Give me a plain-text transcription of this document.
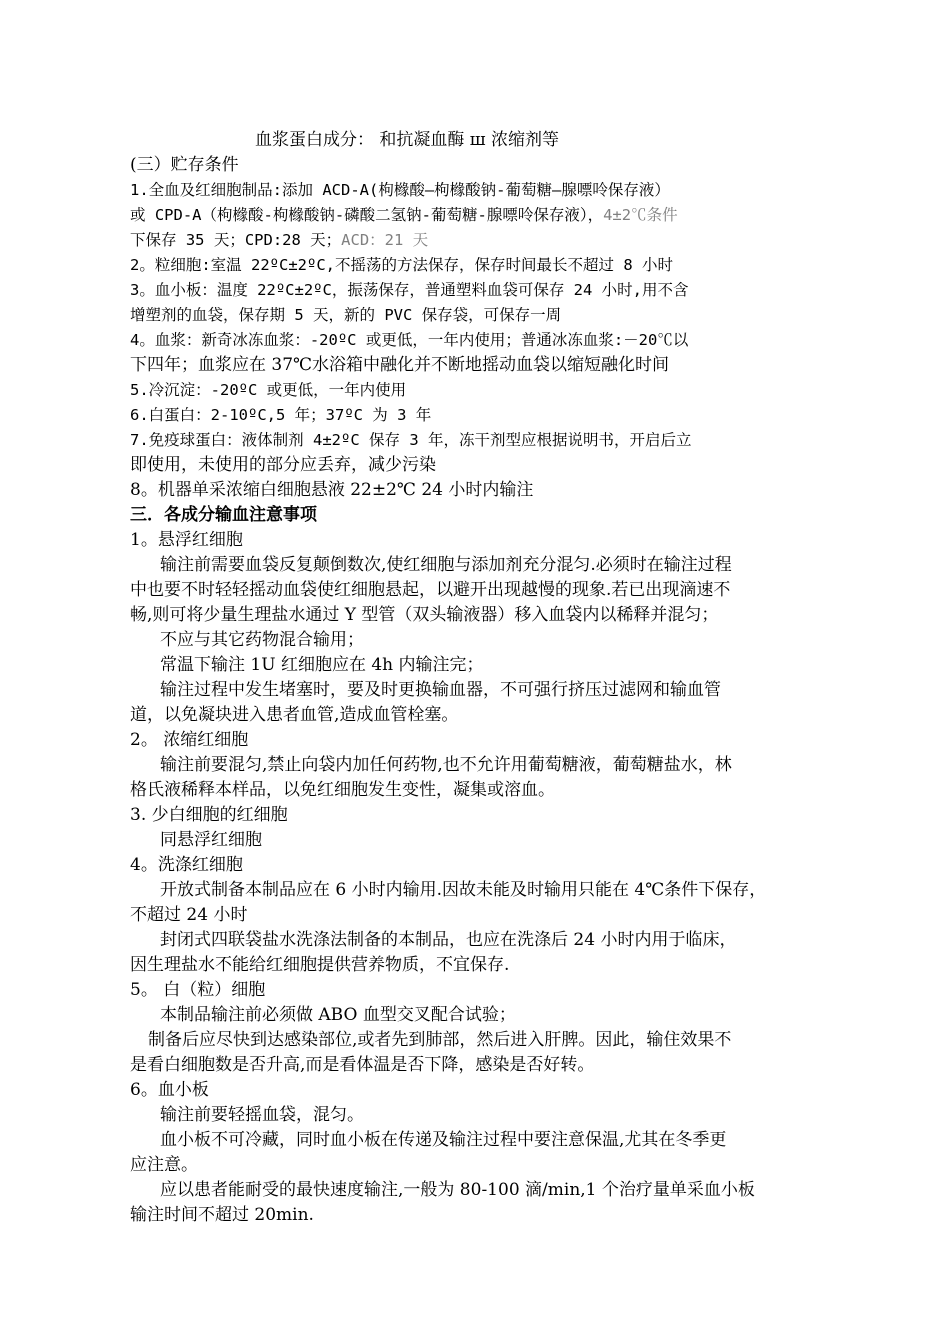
血浆蛋白成分： 和抗凝血酶 ш 浓缩剂等
(三）贮存条件
1.全血及红细胞制品:添加 ACD-A(枸橼酸—枸橼酸钠-葡萄糖—腺嘌呤保存液）
或 CPD-A（枸橼酸-枸橼酸钠-磷酸二氢钠-葡萄糖-腺嘌呤保存液），4±2℃条件
下保存 35 天；CPD:28 天；ACD：21 天
2。粒细胞:室温 22ºC±2ºC,不摇荡的方法保存，保存时间最长不超过 8 小时
3。血小板：温度 22ºC±2ºC，振荡保存，普通塑料血袋可保存 24 小时,用不含
增塑剂的血袋，保存期 5 天，新的 PVC 保存袋，可保存一周
4。血浆：新奇冰冻血浆：-20ºC 或更低，一年内使用；普通冰冻血浆:－20℃以
下四年；血浆应在 37℃水浴箱中融化并不断地摇动血袋以缩短融化时间
5.冷沉淀：-20ºC 或更低，一年内使用
6.白蛋白：2-10ºC,5 年；37ºC 为 3 年
7.免疫球蛋白：液体制剂 4±2ºC 保存 3 年，冻干剂型应根据说明书，开启后立
即使用，未使用的部分应丢弃，减少污染
8。机器单采浓缩白细胞悬液 22±2℃ 24 小时内输注
三．各成分输血注意事项
1。悬浮红细胞
输注前需要血袋反复颠倒数次,使红细胞与添加剂充分混匀.必须时在输注过程
中也要不时轻轻摇动血袋使红细胞悬起，以避开出现越慢的现象.若已出现滴速不
畅,则可将少量生理盐水通过 Y 型管（双头输液器）移入血袋内以稀释并混匀；
不应与其它药物混合输用；
常温下输注 1U 红细胞应在 4h 内输注完；
输注过程中发生堵塞时，要及时更换输血器，不可强行挤压过滤网和输血管
道，以免凝块进入患者血管,造成血管栓塞。
2。 浓缩红细胞
输注前要混匀,禁止向袋内加任何药物,也不允许用葡萄糖液，葡萄糖盐水，林
格氏液稀释本样品，以免红细胞发生变性，凝集或溶血。
3. 少白细胞的红细胞
同悬浮红细胞
4。洗涤红细胞
开放式制备本制品应在 6 小时内输用.因故未能及时输用只能在 4℃条件下保存，
不超过 24 小时
封闭式四联袋盐水洗涤法制备的本制品，也应在洗涤后 24 小时内用于临床，
因生理盐水不能给红细胞提供营养物质，不宜保存.
5。 白（粒）细胞
本制品输注前必须做 ABO 血型交叉配合试验；
制备后应尽快到达感染部位,或者先到肺部，然后进入肝脾。因此，输住效果不
是看白细胞数是否升高,而是看体温是否下降，感染是否好转。
6。血小板
输注前要轻摇血袋，混匀。
血小板不可冷藏，同时血小板在传递及输注过程中要注意保温,尤其在冬季更
应注意。
应以患者能耐受的最快速度输注,一般为 80-100 滴/min,1 个治疗量单采血小板
输注时间不超过 20min.
